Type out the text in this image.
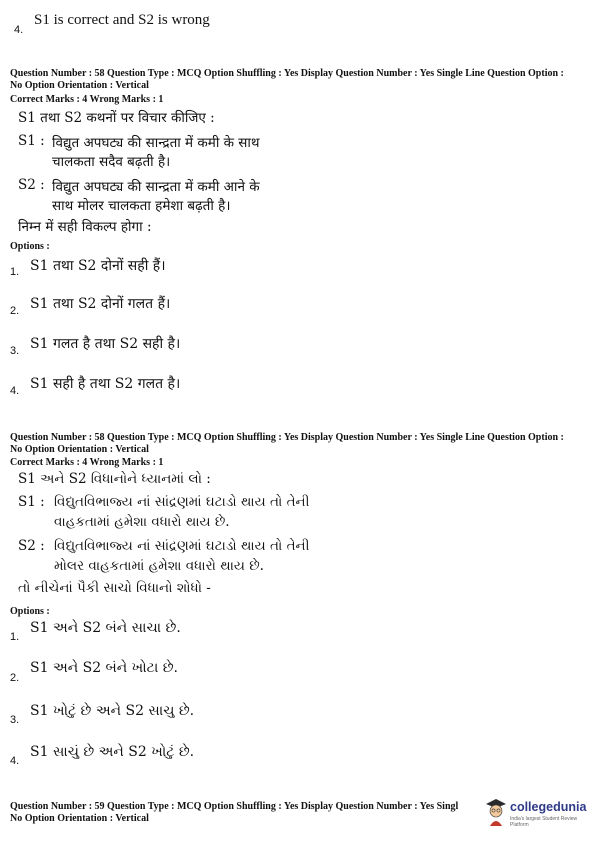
4.
S1 is correct and S2 is wrong
Question Number : 58 Question Type : MCQ Option Shuffling : Yes Display Question Number : Yes Single Line Question Option :
No Option Orientation : Vertical
Correct Marks : 4 Wrong Marks : 1
S1 तथा S2 कथनों पर विचार कीजिए :
S1 : विद्युत अपघट्य की सान्द्रता में कमी के साथ
चालकता सदैव बढ़ती है।
S2 : विद्युत अपघट्य की सान्द्रता में कमी आने के
साथ मोलर चालकता हमेशा बढ़ती है।
निम्न में सही विकल्प होगा :
Options :
1. S1 तथा S2 दोनों सही हैं।
2. S1 तथा S2 दोनों गलत हैं।
3. S1 गलत है तथा S2 सही है।
4. S1 सही है तथा S2 गलत है।
Question Number : 58 Question Type : MCQ Option Shuffling : Yes Display Question Number : Yes Single Line Question Option :
No Option Orientation : Vertical
Correct Marks : 4 Wrong Marks : 1
S1 અને S2 વિધાનોને ધ્યાનમાં લો :
S1 : વિદ્યુતવિભાજ્ય નાં સાંદ્રણમાં ઘટાડો થાય તો તેની
વાહકતામાં હમેશા વધારો થાય છે.
S2 : વિદ્યુતવિભાજ્ય નાં સાંદ્રણમાં ઘટાડો થાય તો તેની
મોલર વાહકતામાં હમેશા વધારો થાય છે.
તો નીચેનાં પૈકી સાચો વિધાનો શોધો -
Options :
1.
S1 અને S2 બંને સાચા છે.
2.
S1 અને S2 બંને ખોટા છે.
3.
S1 ખોટું છે અને S2 સાચુ છે.
4.
S1 સાચું છે અને S2 ખોટું છે.
Question Number : 59 Question Type : MCQ Option Shuffling : Yes Display Question Number : Yes Singl
No Option Orientation : Vertical
collegedunia
India's largest Student Review Platform
